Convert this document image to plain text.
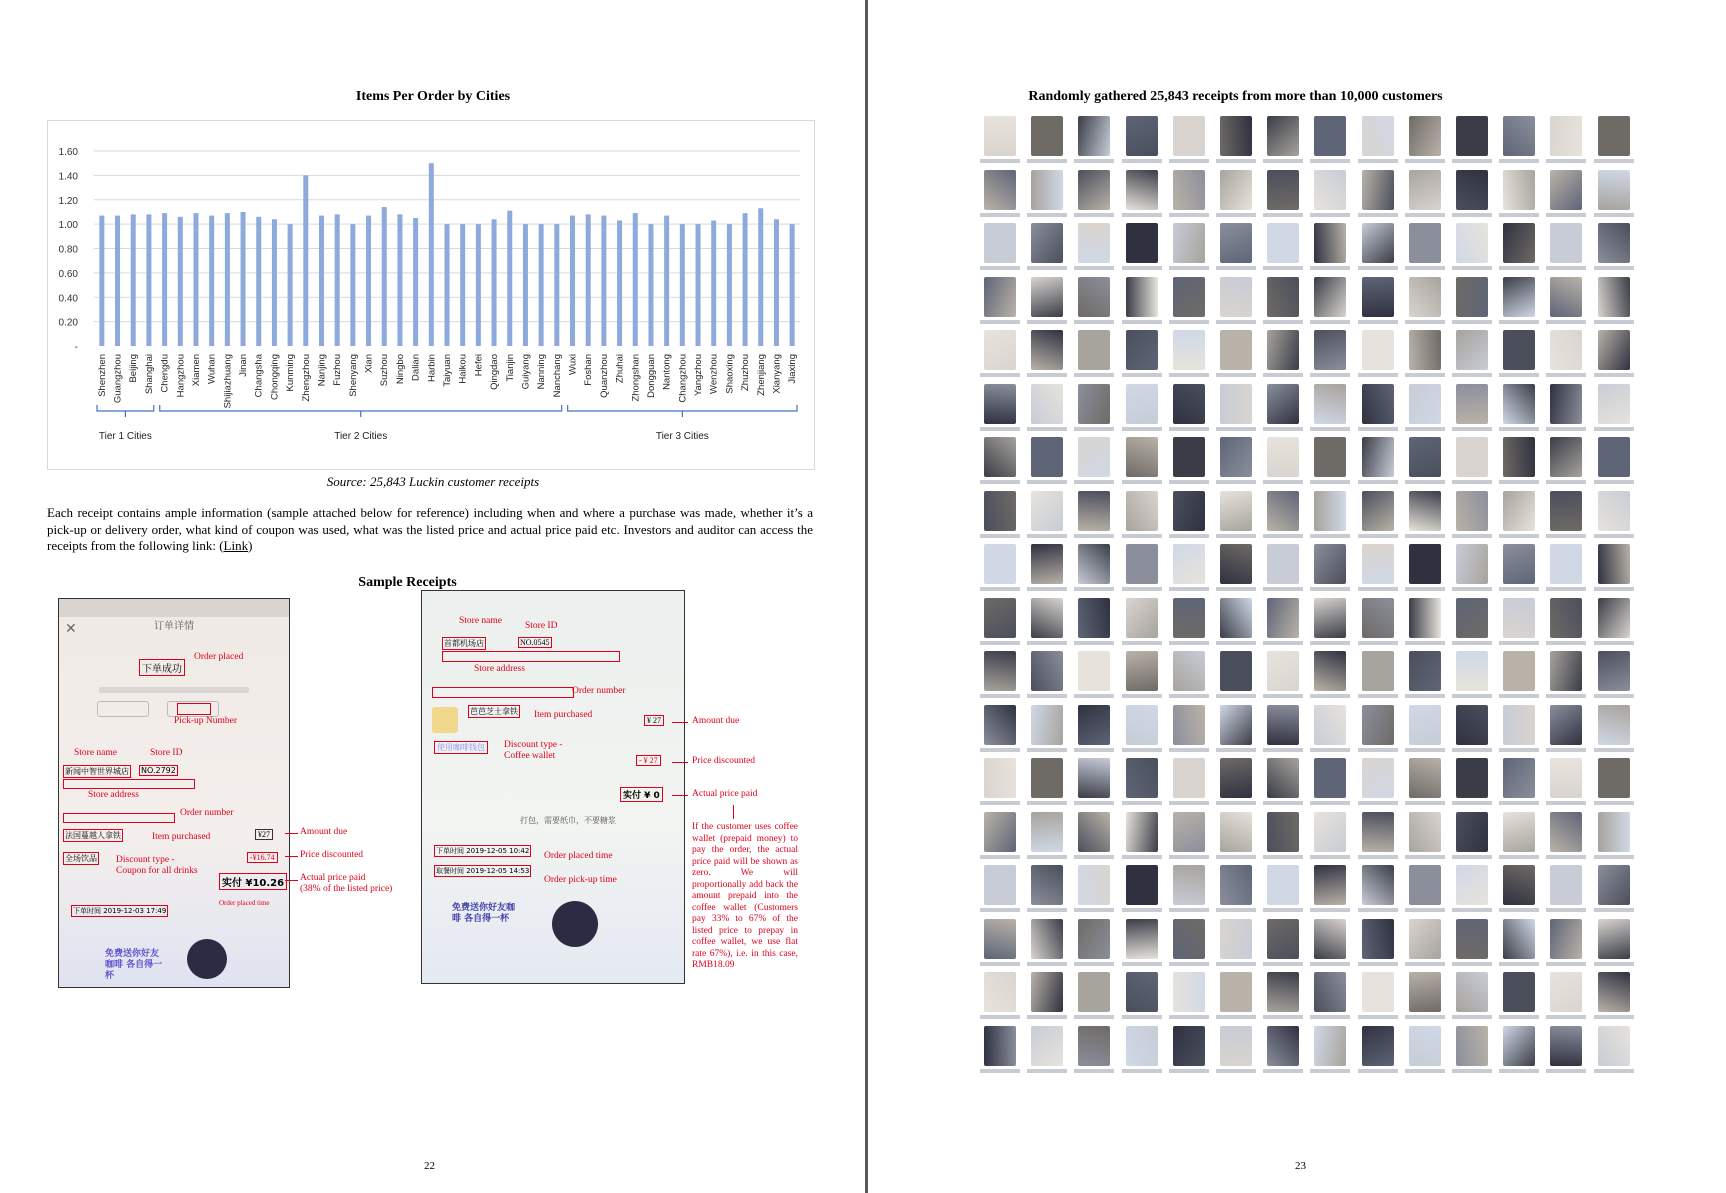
Items Per Order by Cities
-
0.20
0.40
0.60
0.80
1.00
1.20
1.40
1.60
Shenzhen Guangzhou Beijing Shanghai Chengdu Hangzhou Xiamen Wuhan Shijiazhuang Jinan Changsha Chongqing Kunming Zhengzhou Nanjing Fuzhou Shenyang Xian Suzhou Ningbo Dalian Harbin Taiyuan Haikou Hefei Qingdao Tianjin Guiyang Nanning Nanchang Wuxi Foshan Quanzhou Zhuhai Zhongshan Dongguan Nantong Changzhou Yangzhou Wenzhou Shaoxing Zhuzhou Zhenjiang Xianyang Jiaxing
Tier 1 Cities	Tier 2 Cities	Tier 3 Cities
Source: 25,843 Luckin customer receipts
Each receipt contains ample information (sample attached below for reference) including when and where a purchase was made, whether it’s a pick-up or delivery order, what kind of coupon was used, what was the listed price and actual price paid etc. Investors and auditor can access the receipts from the following link: (Link)
Sample Receipts
订单详情
✕
下单成功
新闻中智世界城店 NO.2792
法国蔓越人拿铁
全场饮品
¥27
-¥16.74
实付 ¥10.26
下单时间 2019-12-03 17:49
免费送你好友咖啡 各自得一杯
Order placed time
Order placed
Pick-up Number
Store name	Store ID
Store address
Order number
Item purchased
Discount type -
Coupon for all drinks
Amount due
Price discounted
Actual price paid
(38% of the listed price)
首都机场店	NO.0545
芭芭芝士拿铁
¥ 27
使用咖啡钱包
- ¥ 27
实付 ¥ 0
打包，需要纸巾，不要糖浆
下单时间 2019-12-05 10:42
取餐时间 2019-12-05 14:53
免费送你好友咖啡 各自得一杯
Store name Store ID
Store address
Order number
Item purchased
Discount type -
Coffee wallet
Amount due
Price discounted
Actual price paid
Order placed time
Order pick-up time
If the customer uses coffee wallet (prepaid money) to pay the order, the actual price paid will be shown as zero. We will proportionally add back the amount prepaid into the coffee wallet (Customers pay 33% to 67% of the listed price to prepay in coffee wallet, we use flat rate 67%), i.e. in this case, RMB18.09
22
Randomly gathered 25,843 receipts from more than 10,000 customers
23
